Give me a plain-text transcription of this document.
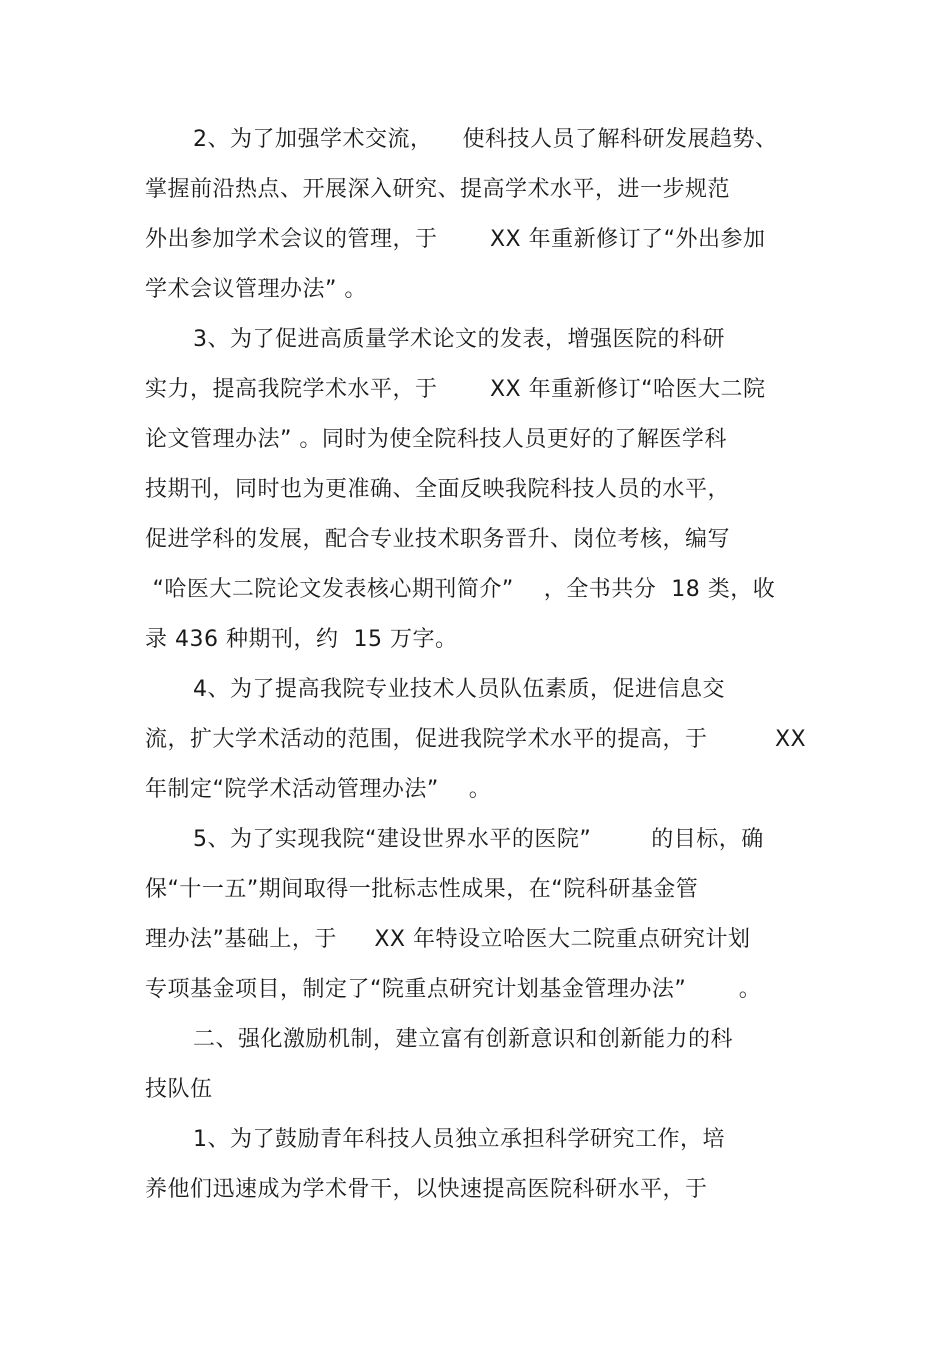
2、为了加强学术交流，    使科技人员了解科研发展趋势、
掌握前沿热点、开展深入研究、提高学术水平，进一步规范
外出参加学术会议的管理，于       XX 年重新修订了“外出参加
学术会议管理办法” 。
3、为了促进高质量学术论文的发表，增强医院的科研
实力，提高我院学术水平，于       XX 年重新修订“哈医大二院
论文管理办法” 。同时为使全院科技人员更好的了解医学科
技期刊，同时也为更准确、全面反映我院科技人员的水平，
促进学科的发展，配合专业技术职务晋升、岗位考核，编写
“哈医大二院论文发表核心期刊简介”    ，全书共分  18 类，收
录 436 种期刊，约  15 万字。
4、为了提高我院专业技术人员队伍素质，促进信息交
流，扩大学术活动的范围，促进我院学术水平的提高，于         XX
年制定“院学术活动管理办法”    。
5、为了实现我院“建设世界水平的医院”        的目标，确
保“十一五”期间取得一批标志性成果，在“院科研基金管
理办法”基础上，于     XX 年特设立哈医大二院重点研究计划
专项基金项目，制定了“院重点研究计划基金管理办法”       。
二、强化激励机制，建立富有创新意识和创新能力的科
技队伍
1、为了鼓励青年科技人员独立承担科学研究工作，培
养他们迅速成为学术骨干，以快速提高医院科研水平，于
